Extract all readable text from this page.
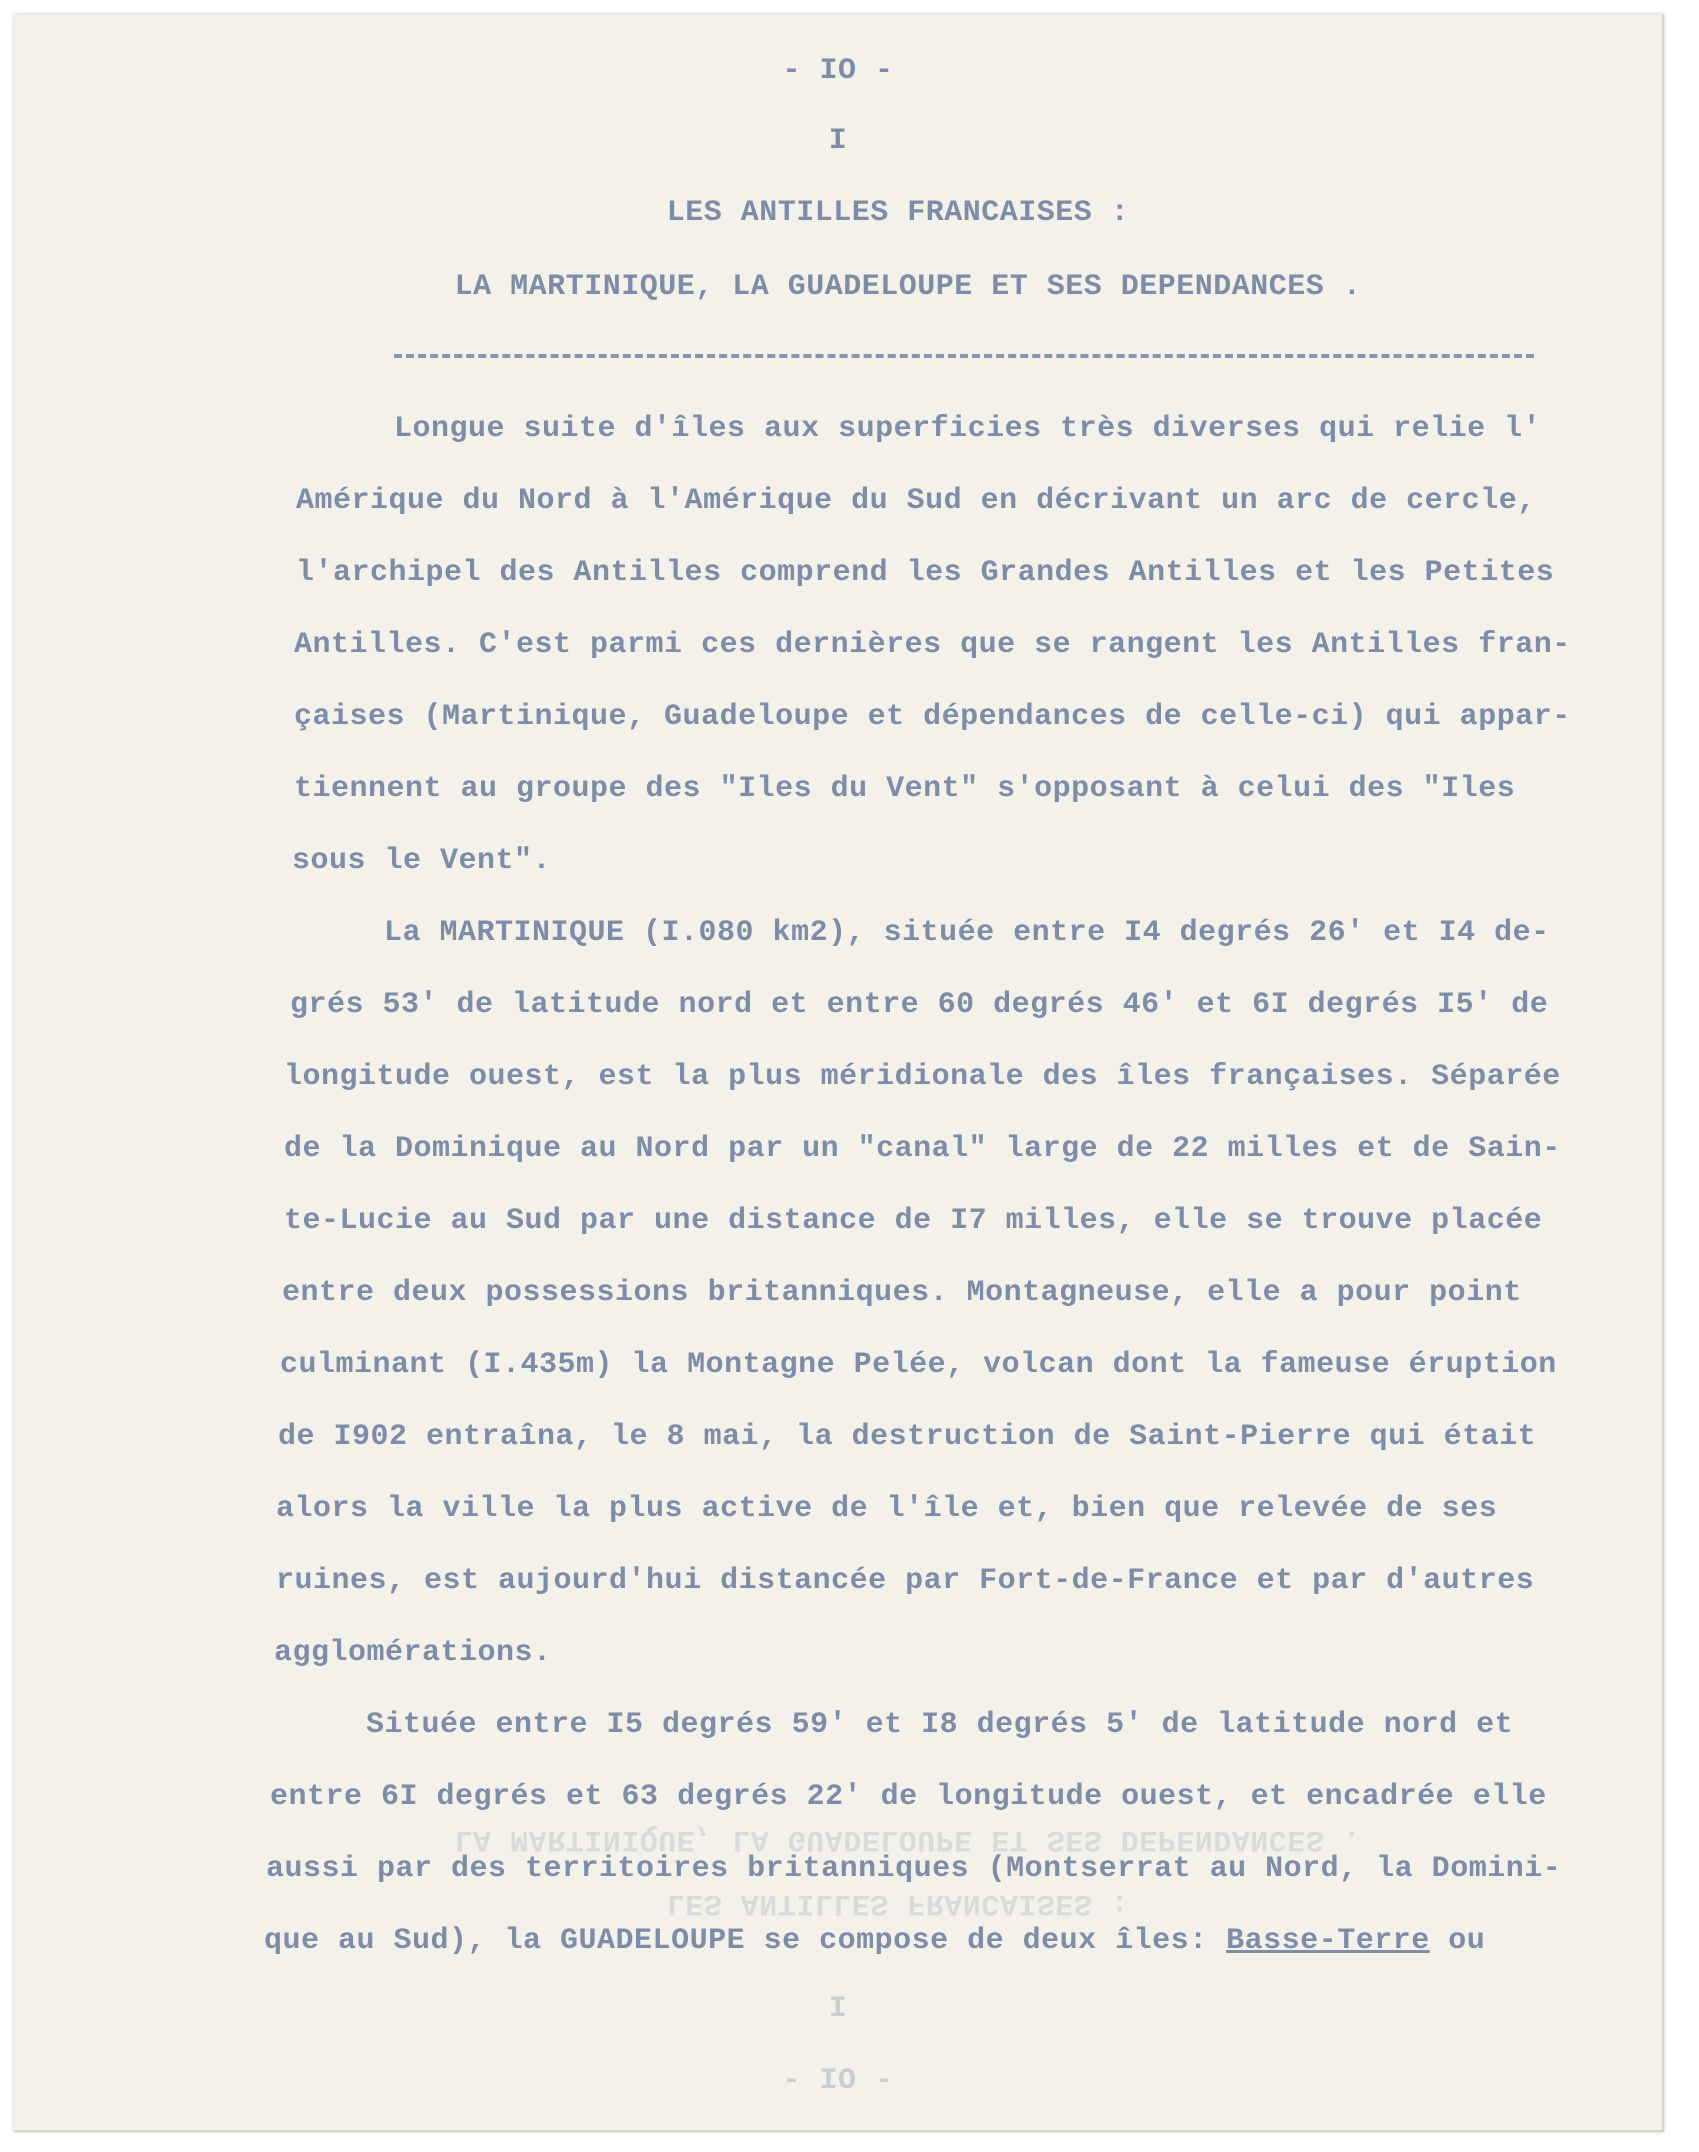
- IO -
I
LES ANTILLES FRANCAISES :
LA MARTINIQUE, LA GUADELOUPE ET SES DEPENDANCES .
Longue suite d'îles aux superficies très diverses qui relie l'
Amérique du Nord à l'Amérique du Sud en décrivant un arc de cercle,
l'archipel des Antilles comprend les Grandes Antilles et les Petites
Antilles. C'est parmi ces dernières que se rangent les Antilles fran-
çaises (Martinique, Guadeloupe et dépendances de celle-ci) qui appar-
tiennent au groupe des "Iles du Vent" s'opposant à celui des "Iles
sous le Vent".
La MARTINIQUE (I.080 km2), située entre I4 degrés 26' et I4 de-
grés 53' de latitude nord et entre 60 degrés 46' et 6I degrés I5' de
longitude ouest, est la plus méridionale des îles françaises. Séparée
de la Dominique au Nord par un "canal" large de 22 milles et de Sain-
te-Lucie au Sud par une distance de I7 milles, elle se trouve placée
entre deux possessions britanniques. Montagneuse, elle a pour point
culminant (I.435m) la Montagne Pelée, volcan dont la fameuse éruption
de I902 entraîna, le 8 mai, la destruction de Saint-Pierre qui était
alors la ville la plus active de l'île et, bien que relevée de ses
ruines, est aujourd'hui distancée par Fort-de-France et par d'autres
agglomérations.
Située entre I5 degrés 59' et I8 degrés 5' de latitude nord et
entre 6I degrés et 63 degrés 22' de longitude ouest, et encadrée elle
aussi par des territoires britanniques (Montserrat au Nord, la Domini-
que au Sud), la GUADELOUPE se compose de deux îles: Basse-Terre ou
LA MARTINIQUE, LA GUADELOUPE ET SES DEPENDANCES .
LES ANTILLES FRANCAISES :
I
- IO -
